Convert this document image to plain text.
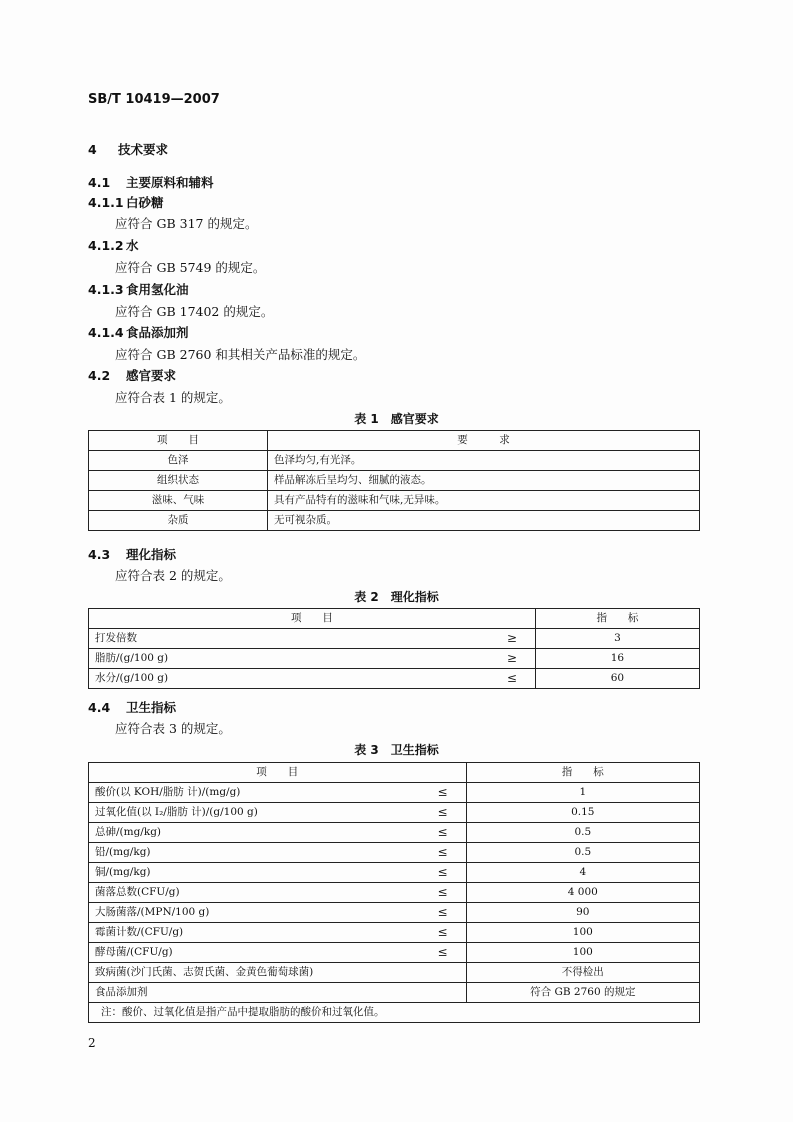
SB/T 10419—2007
4 技术要求
4.1 主要原料和辅料
4.1.1 白砂糖
应符合 GB 317 的规定。
4.1.2 水
应符合 GB 5749 的规定。
4.1.3 食用氢化油
应符合 GB 17402 的规定。
4.1.4 食品添加剂
应符合 GB 2760 和其相关产品标准的规定。
4.2 感官要求
应符合表 1 的规定。
表 1　感官要求
项　　目	要　　　求
色泽	色泽均匀,有光泽。
组织状态	样品解冻后呈均匀、细腻的液态。
滋味、气味	具有产品特有的滋味和气味,无异味。
杂质	无可视杂质。
4.3 理化指标
应符合表 2 的规定。
表 2　理化指标
项　　目		指　　标
打发倍数	≥	3
脂肪/(g/100 g)	≥	16
水分/(g/100 g)	≤	60
4.4 卫生指标
应符合表 3 的规定。
表 3　卫生指标
项　　目		指　　标
酸价(以 KOH/脂肪 计)/(mg/g)	≤	1
过氧化值(以 I₂/脂肪 计)/(g/100 g)	≤	0.15
总砷/(mg/kg)	≤	0.5
铅/(mg/kg)	≤	0.5
铜/(mg/kg)	≤	4
菌落总数(CFU/g)	≤	4 000
大肠菌落/(MPN/100 g)	≤	90
霉菌计数/(CFU/g)	≤	100
酵母菌/(CFU/g)	≤	100
致病菌(沙门氏菌、志贺氏菌、金黄色葡萄球菌)		不得检出
食品添加剂		符合 GB 2760 的规定
注：酸价、过氧化值是指产品中提取脂肪的酸价和过氧化值。		
2
